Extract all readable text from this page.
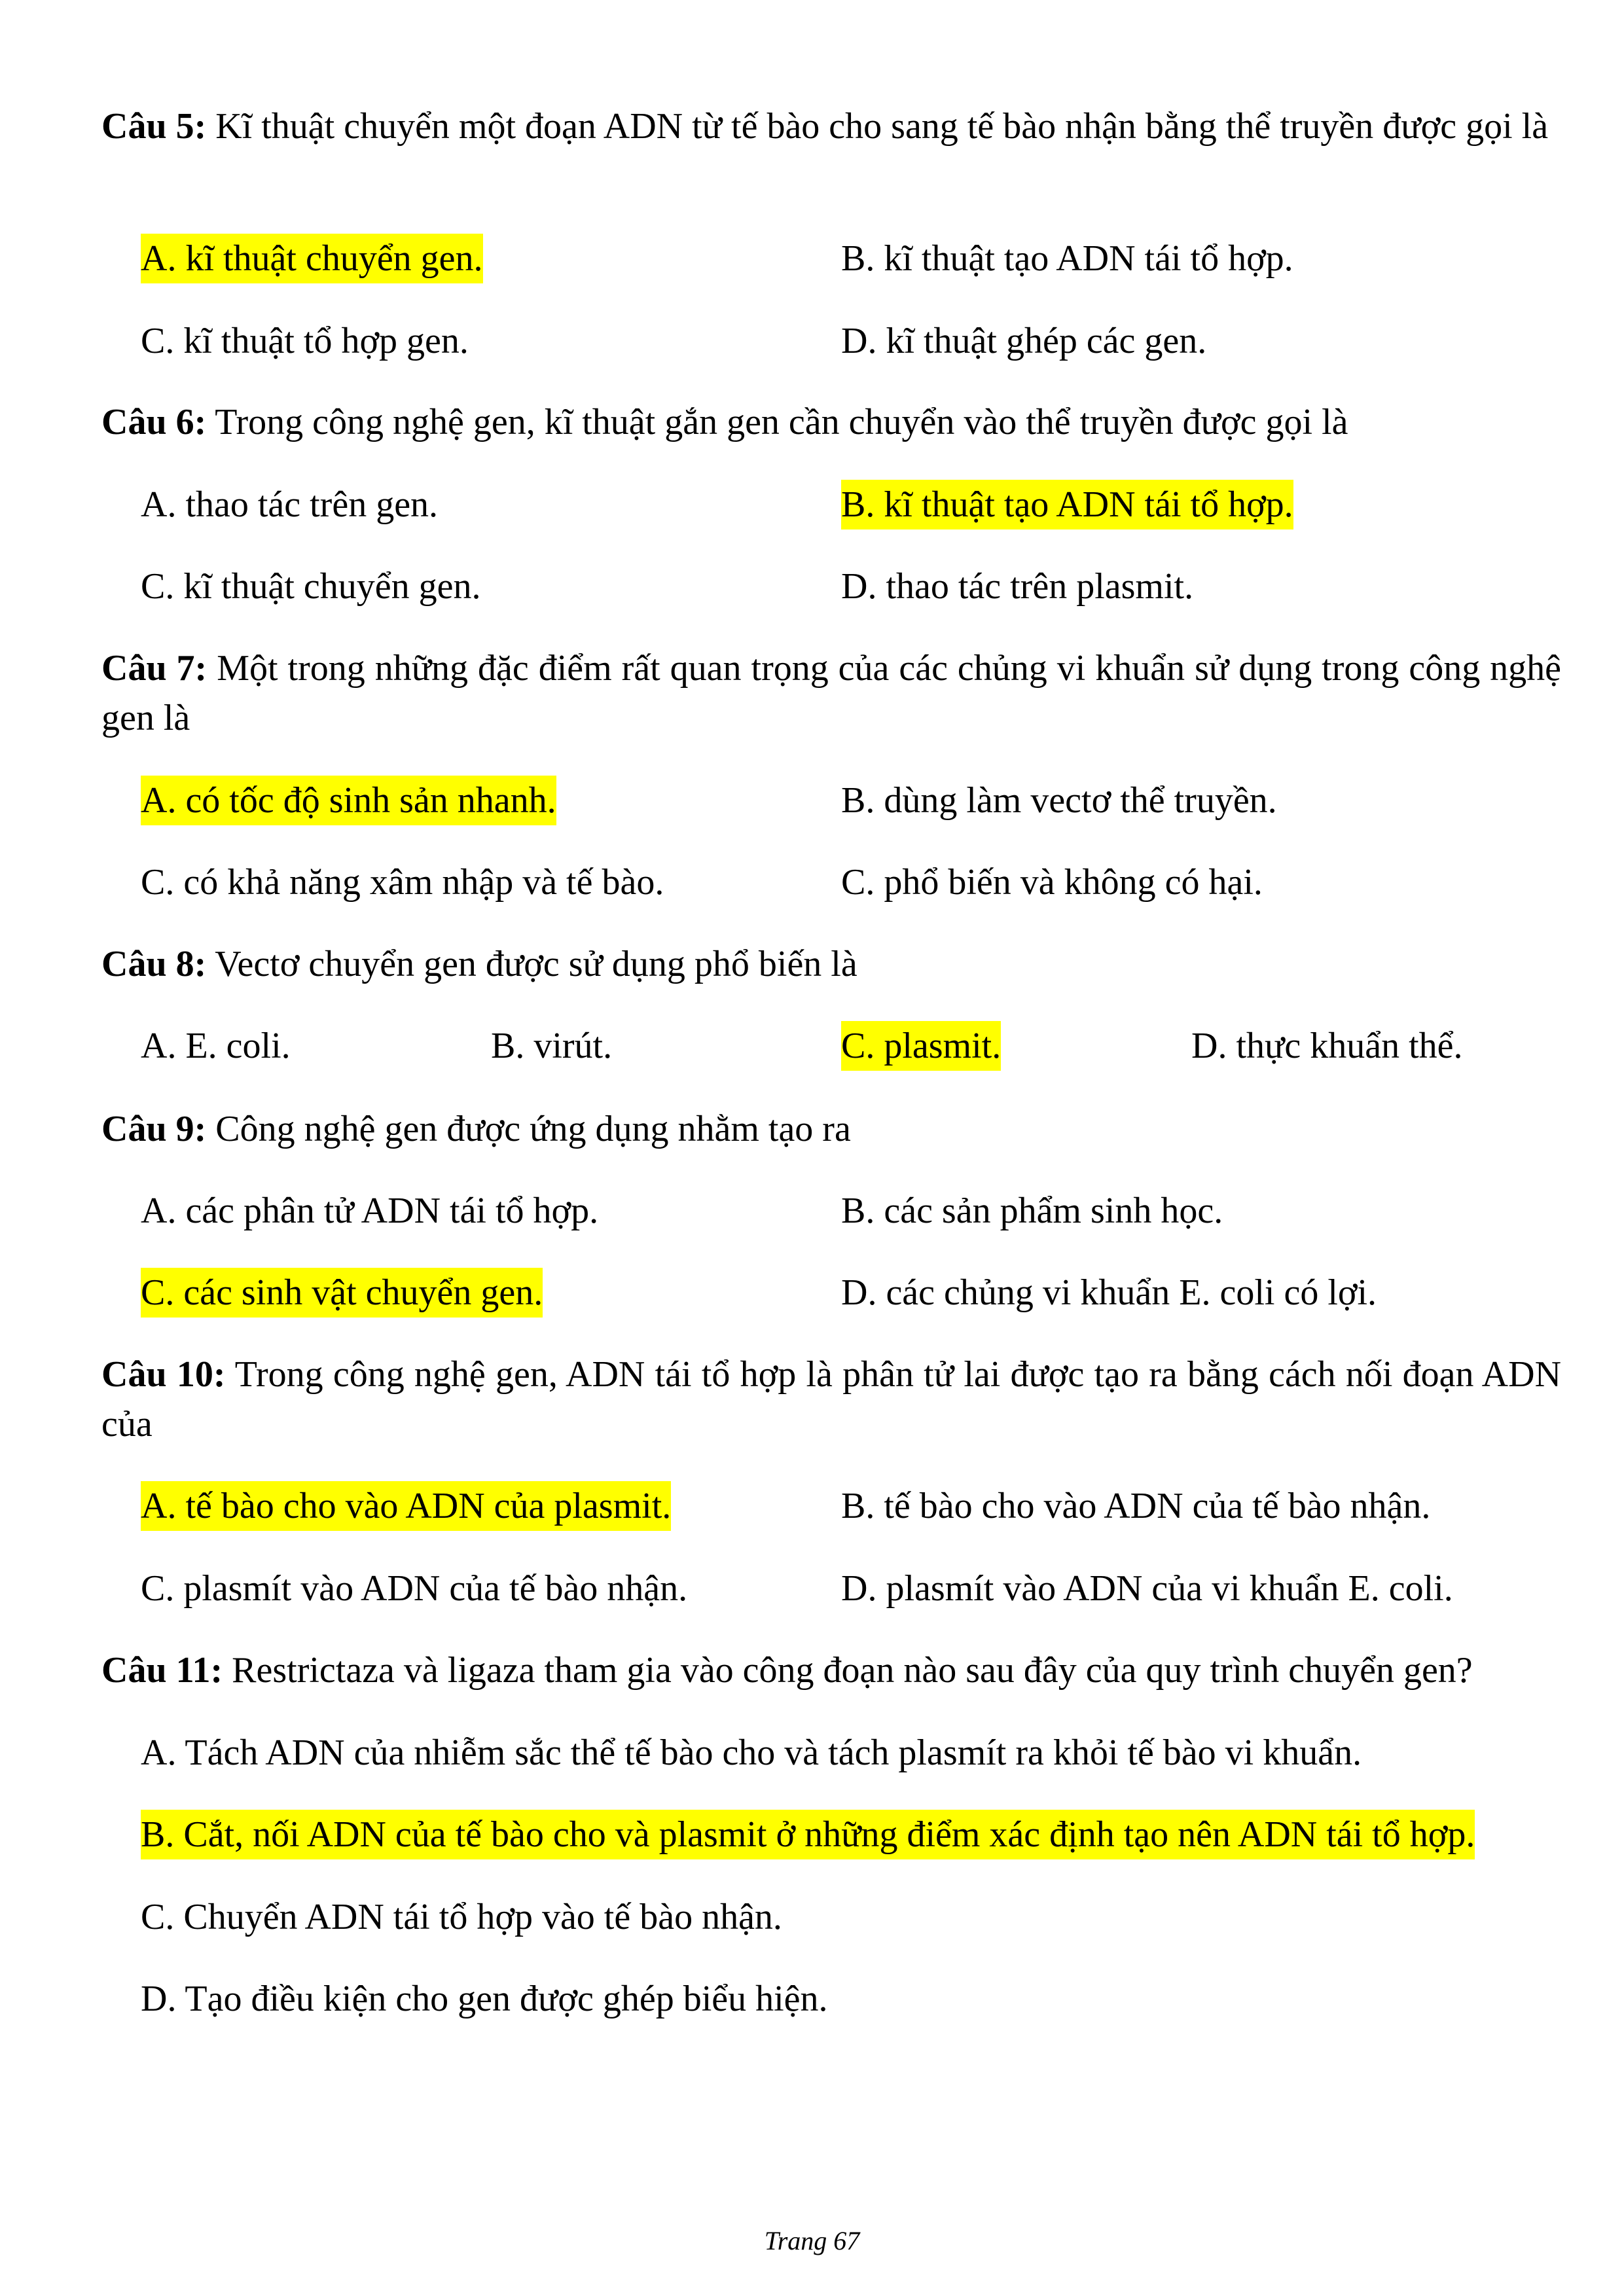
Câu 5: Kĩ thuật chuyển một đoạn ADN từ tế bào cho sang tế bào nhận bằng thể truyền được gọi là
A. kĩ thuật chuyển gen.	B. kĩ thuật tạo ADN tái tổ hợp.
C. kĩ thuật tổ hợp gen.	D. kĩ thuật ghép các gen.
Câu 6: Trong công nghệ gen, kĩ thuật gắn gen cần chuyển vào thể truyền được gọi là
A. thao tác trên gen.	B. kĩ thuật tạo ADN tái tổ hợp.
C. kĩ thuật chuyển gen.	D. thao tác trên plasmit.
Câu 7: Một trong những đặc điểm rất quan trọng của các chủng vi khuẩn sử dụng trong công nghệ gen là
A. có tốc độ sinh sản nhanh.	B. dùng làm vectơ thể truyền.
C. có khả năng xâm nhập và tế bào.	C. phổ biến và không có hại.
Câu 8: Vectơ chuyển gen được sử dụng phổ biến là
A. E. coli.	B. virút.	C. plasmit.	D. thực khuẩn thể.
Câu 9: Công nghệ gen được ứng dụng nhằm tạo ra
A. các phân tử ADN tái tổ hợp.	B. các sản phẩm sinh học.
C. các sinh vật chuyển gen.	D. các chủng vi khuẩn E. coli có lợi.
Câu 10: Trong công nghệ gen, ADN tái tổ hợp là phân tử lai được tạo ra bằng cách nối đoạn ADN của
A. tế bào cho vào ADN của plasmit.	B. tế bào cho vào ADN của tế bào nhận.
C. plasmít vào ADN của tế bào nhận.	D. plasmít vào ADN của vi khuẩn E. coli.
Câu 11: Restrictaza và ligaza tham gia vào công đoạn nào sau đây của quy trình chuyển gen?
A. Tách ADN của nhiễm sắc thể tế bào cho và tách plasmít ra khỏi tế bào vi khuẩn.
B. Cắt, nối ADN của tế bào cho và plasmit ở những điểm xác định tạo nên ADN tái tổ hợp.
C. Chuyển ADN tái tổ hợp vào tế bào nhận.
D. Tạo điều kiện cho gen được ghép biểu hiện.
Trang 67
